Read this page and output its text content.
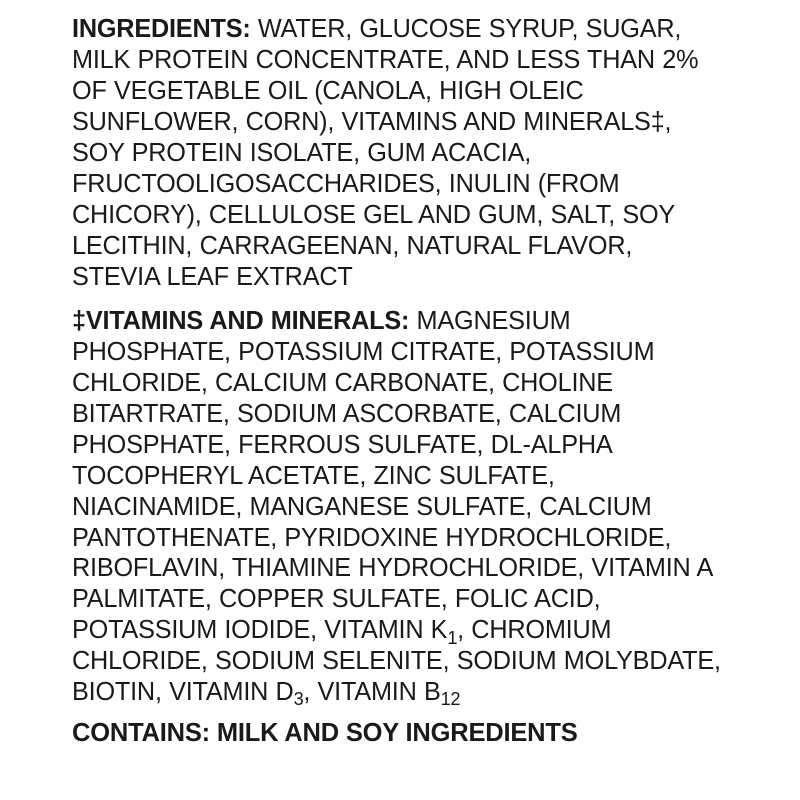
INGREDIENTS: WATER, GLUCOSE SYRUP, SUGAR, MILK PROTEIN CONCENTRATE, AND LESS THAN 2% OF VEGETABLE OIL (CANOLA, HIGH OLEIC SUNFLOWER, CORN), VITAMINS AND MINERALS‡, SOY PROTEIN ISOLATE, GUM ACACIA, FRUCTOOLIGOSACCHARIDES, INULIN (FROM CHICORY), CELLULOSE GEL AND GUM, SALT, SOY LECITHIN, CARRAGEENAN, NATURAL FLAVOR, STEVIA LEAF EXTRACT

‡VITAMINS AND MINERALS: MAGNESIUM PHOSPHATE, POTASSIUM CITRATE, POTASSIUM CHLORIDE, CALCIUM CARBONATE, CHOLINE BITARTRATE, SODIUM ASCORBATE, CALCIUM PHOSPHATE, FERROUS SULFATE, DL-ALPHA TOCOPHERYL ACETATE, ZINC SULFATE, NIACINAMIDE, MANGANESE SULFATE, CALCIUM PANTOTHENATE, PYRIDOXINE HYDROCHLORIDE, RIBOFLAVIN, THIAMINE HYDROCHLORIDE, VITAMIN A PALMITATE, COPPER SULFATE, FOLIC ACID, POTASSIUM IODIDE, VITAMIN $K_1$, CHROMIUM CHLORIDE, SODIUM SELENITE, SODIUM MOLYBDATE, BIOTIN, VITAMIN $D_3$, VITAMIN $B_{12}$

CONTAINS: MILK AND SOY INGREDIENTS
